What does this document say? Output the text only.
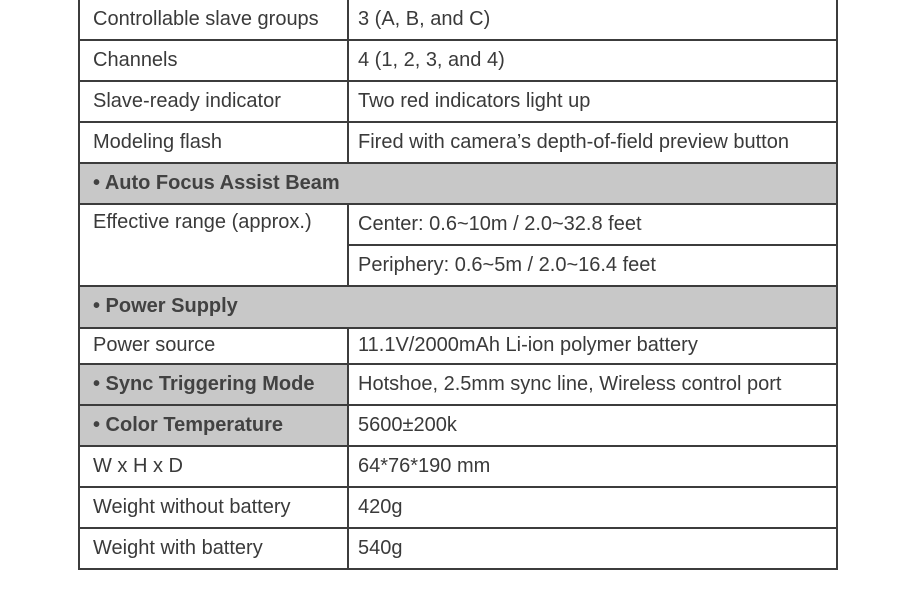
Controllable slave groups	3 (A, B, and C)
Channels	4 (1, 2, 3, and 4)
Slave-ready indicator	Two red indicators light up
Modeling flash	Fired with camera’s depth-of-field preview button
• Auto Focus Assist Beam	
Effective range (approx.)	Center: 0.6~10m / 2.0~32.8 feet
	Periphery: 0.6~5m / 2.0~16.4 feet
• Power Supply	
Power source	11.1V/2000mAh Li-ion polymer battery
• Sync Triggering Mode	Hotshoe, 2.5mm sync line, Wireless control port
• Color Temperature	5600±200k
W x H x D	64*76*190 mm
Weight without battery	420g
Weight with battery	540g
